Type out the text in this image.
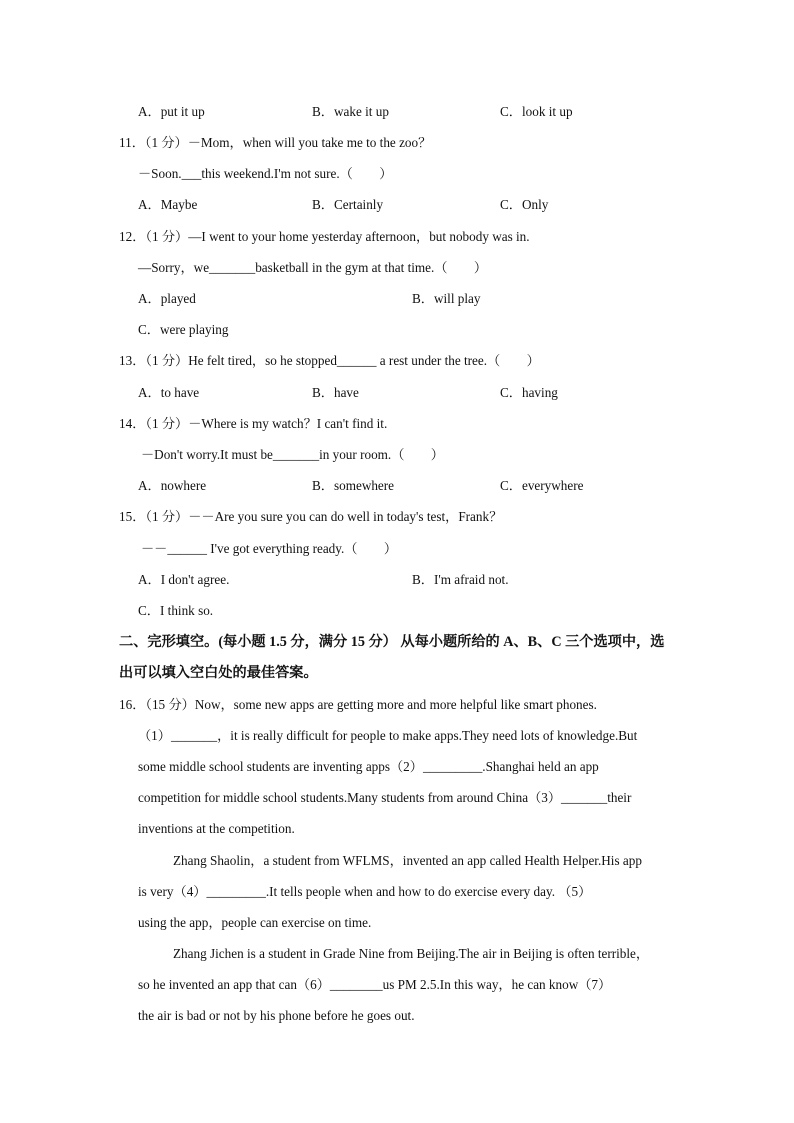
A．put it up	B．wake it up	C．look it up
11．（1 分）－Mom，when will you take me to the zoo？
－Soon.___this weekend.I'm not sure.（　　）
A．Maybe	B．Certainly	C．Only
12．（1 分）—I went to your home yesterday afternoon，but nobody was in.
—Sorry，we_______basketball in the gym at that time.（　　）
A．played	B．will play
C．were playing
13．（1 分）He felt tired，so he stopped______ a rest under the tree.（　　）
A．to have	B．have	C．having
14．（1 分）－Where is my watch？I can't find it.
－Don't worry.It must be_______in your room.（　　）
A．nowhere	B．somewhere	C．everywhere
15．（1 分）－－Are you sure you can do well in today's test，Frank？
－－______ I've got everything ready.（　　）
A．I don't agree.	B．I'm afraid not.
C．I think so.
二、完形填空。(每小题 1.5 分，满分 15 分） 从每小题所给的 A、B、C 三个选项中，选出可以填入空白处的最佳答案。
16．（15 分）Now，some new apps are getting more and more helpful like smart phones.
（1）_______，it is really difficult for people to make apps.They need lots of knowledge.But
some middle school students are inventing apps（2）_________.Shanghai held an app
competition for middle school students.Many students from around China（3）_______their
inventions at the competition.
Zhang Shaolin，a student from WFLMS，invented an app called Health Helper.His app
is very（4）_________.It tells people when and how to do exercise every day. （5）
using the app，people can exercise on time.
Zhang Jichen is a student in Grade Nine from Beijing.The air in Beijing is often terrible，
so he invented an app that can（6）________us PM 2.5.In this way，he can know（7）
the air is bad or not by his phone before he goes out.
